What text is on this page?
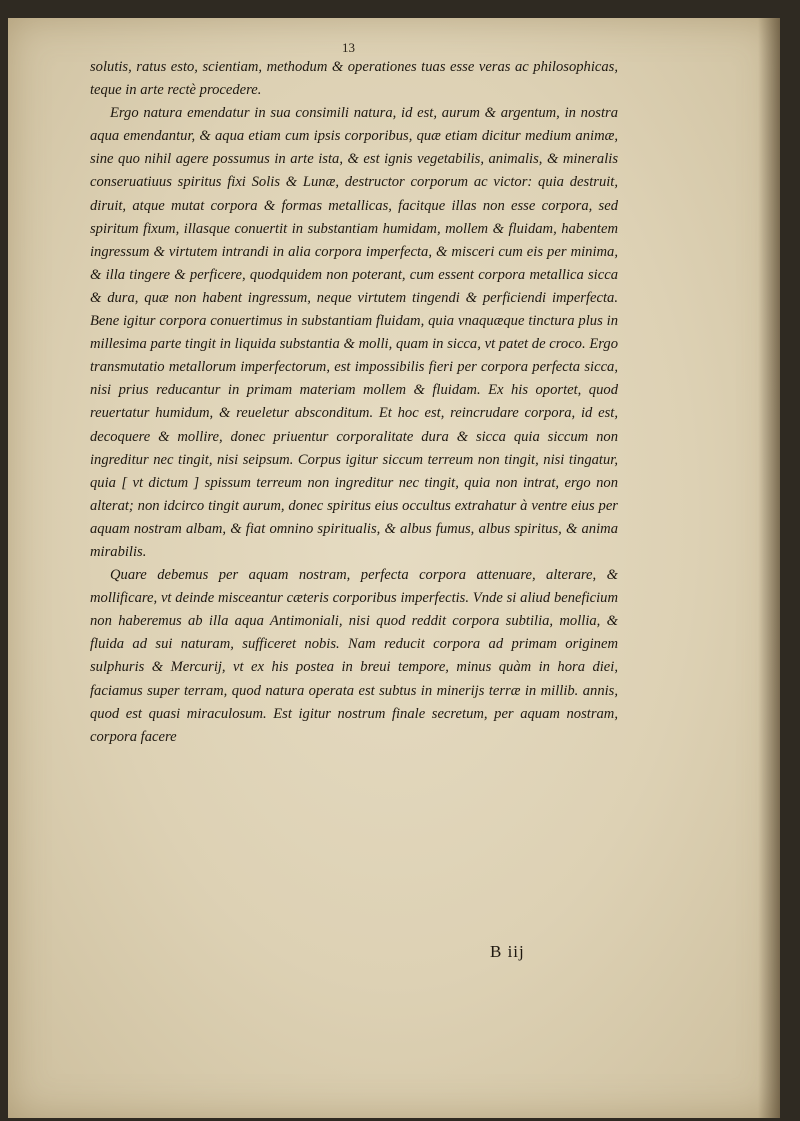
13

solutis, ratus esto, scientiam, methodum & operationes tuas esse veras ac philosophicas, teque in arte rectè procedere.

Ergo natura emendatur in sua consimili natura, id est, aurum & argentum, in nostra aqua emendantur, & aqua etiam cum ipsis corporibus, quæ etiam dicitur medium animæ, sine quo nihil agere possumus in arte ista, & est ignis vegetabilis, animalis, & mineralis conseruatiuus spiritus fixi Solis & Lunæ, destructor corporum ac victor: quia destruit, diruit, atque mutat corpora & formas metallicas, facitque illas non esse corpora, sed spiritum fixum, illasque conuertit in substantiam humidam, mollem & fluidam, habentem ingressum & virtutem intrandi in alia corpora imperfecta, & misceri cum eis per minima, & illa tingere & perficere, quodquidem non poterant, cum essent corpora metallica sicca & dura, quæ non habent ingressum, neque virtutem tingendi & perficiendi imperfecta. Bene igitur corpora conuertimus in substantiam fluidam, quia vnaquæque tinctura plus in millesima parte tingit in liquida substantia & molli, quam in sicca, vt patet de croco. Ergo transmutatio metallorum imperfectorum, est impossibilis fieri per corpora perfecta sicca, nisi prius reducantur in primam materiam mollem & fluidam. Ex his oportet, quod reuertatur humidum, & reueletur absconditum. Et hoc est, reincrudare corpora, id est, decoquere & mollire, donec priuentur corporalitate dura & sicca quia siccum non ingreditur nec tingit, nisi seipsum. Corpus igitur siccum terreum non tingit, nisi tingatur, quia [ vt dictum ] spissum terreum non ingreditur nec tingit, quia non intrat, ergo non alterat; non idcirco tingit aurum, donec spiritus eius occultus extrahatur à ventre eius per aquam nostram albam, & fiat omnino spiritualis, & albus fumus, albus spiritus, & anima mirabilis.

Quare debemus per aquam nostram, perfecta corpora attenuare, alterare, & mollificare, vt deinde misceantur cæteris corporibus imperfectis. Vnde si aliud beneficium non haberemus ab illa aqua Antimoniali, nisi quod reddit corpora subtilia, mollia, & fluida ad sui naturam, sufficeret nobis. Nam reducit corpora ad primam originem sulphuris & Mercurij, vt ex his postea in breui tempore, minus quàm in hora diei, faciamus super terram, quod natura operata est subtus in minerijs terræ in millib. annis, quod est quasi miraculosum. Est igitur nostrum finale secretum, per aquam nostram, corpora facere

B iij
